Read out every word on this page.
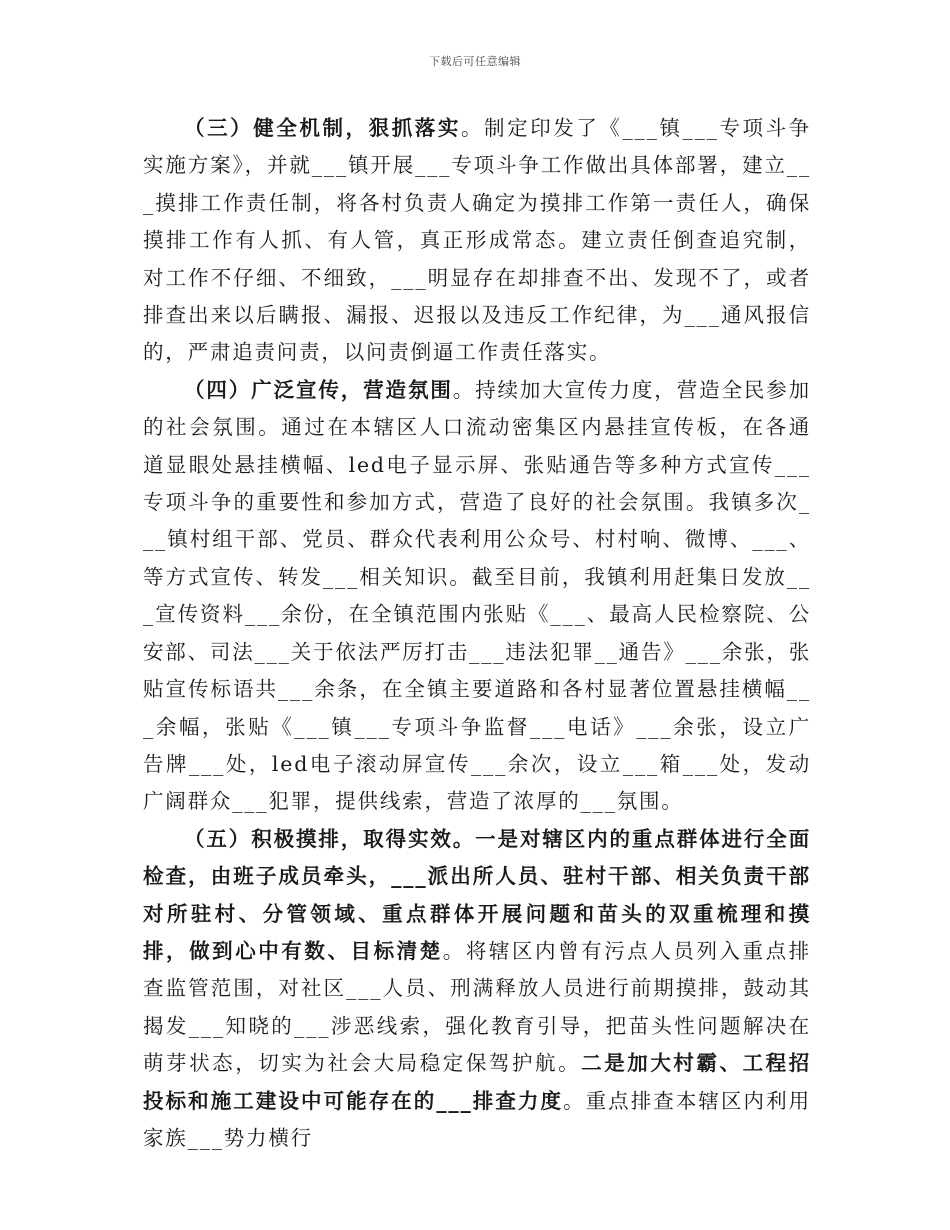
下载后可任意编辑

（三）健全机制，狠抓落实。制定印发了《___镇___专项斗争实施方案》，并就___镇开展___专项斗争工作做出具体部署，建立___摸排工作责任制，将各村负责人确定为摸排工作第一责任人，确保摸排工作有人抓、有人管，真正形成常态。建立责任倒查追究制，对工作不仔细、不细致，___明显存在却排查不出、发现不了，或者排查出来以后瞒报、漏报、迟报以及违反工作纪律，为___通风报信的，严肃追责问责，以问责倒逼工作责任落实。

（四）广泛宣传，营造氛围。持续加大宣传力度，营造全民参加的社会氛围。通过在本辖区人口流动密集区内悬挂宣传板，在各通道显眼处悬挂横幅、led电子显示屏、张贴通告等多种方式宣传___专项斗争的重要性和参加方式，营造了良好的社会氛围。我镇多次___镇村组干部、党员、群众代表利用公众号、村村响、微博、___、等方式宣传、转发___相关知识。截至目前，我镇利用赶集日发放___宣传资料___余份，在全镇范围内张贴《___、最高人民检察院、公安部、司法___关于依法严厉打击___违法犯罪__通告》___余张，张贴宣传标语共___余条，在全镇主要道路和各村显著位置悬挂横幅___余幅，张贴《___镇___专项斗争监督___电话》___余张，设立广告牌___处，led电子滚动屏宣传___余次，设立___箱___处，发动广阔群众___犯罪，提供线索，营造了浓厚的___氛围。

（五）积极摸排，取得实效。一是对辖区内的重点群体进行全面检查，由班子成员牵头，___派出所人员、驻村干部、相关负责干部对所驻村、分管领域、重点群体开展问题和苗头的双重梳理和摸排，做到心中有数、目标清楚。将辖区内曾有污点人员列入重点排查监管范围，对社区___人员、刑满释放人员进行前期摸排，鼓动其揭发___知晓的___涉恶线索，强化教育引导，把苗头性问题解决在萌芽状态，切实为社会大局稳定保驾护航。二是加大村霸、工程招投标和施工建设中可能存在的___排查力度。重点排查本辖区内利用家族___势力横行
